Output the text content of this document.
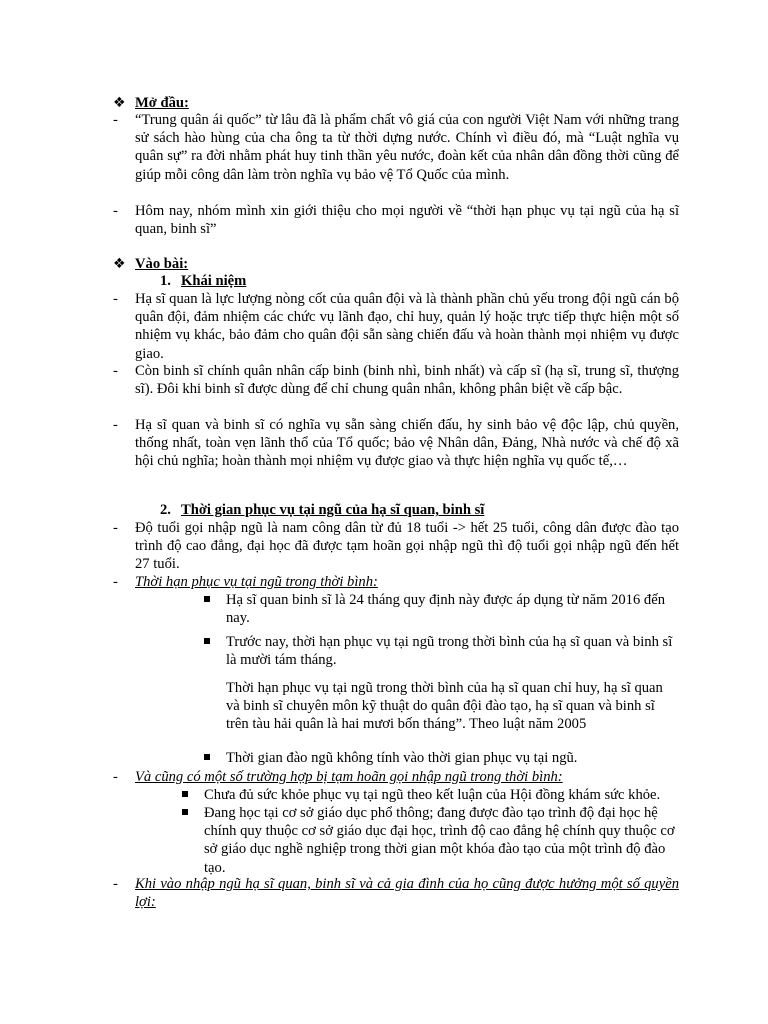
❖ Mở đầu:
- “Trung quân ái quốc” từ lâu đã là phẩm chất vô giá của con người Việt Nam với những trang sử sách hào hùng của cha ông ta từ thời dựng nước. Chính vì điều đó, mà “Luật nghĩa vụ quân sự” ra đời nhằm phát huy tinh thần yêu nước, đoàn kết của nhân dân đồng thời cũng để giúp mỗi công dân làm tròn nghĩa vụ bảo vệ Tổ Quốc của mình.
- Hôm nay, nhóm mình xin giới thiệu cho mọi người về “thời hạn phục vụ tại ngũ của hạ sĩ quan, binh sĩ”
❖ Vào bài:
1. Khái niệm
- Hạ sĩ quan là lực lượng nòng cốt của quân đội và là thành phần chủ yếu trong đội ngũ cán bộ quân đội, đảm nhiệm các chức vụ lãnh đạo, chỉ huy, quản lý hoặc trực tiếp thực hiện một số nhiệm vụ khác, bảo đảm cho quân đội sẵn sàng chiến đấu và hoàn thành mọi nhiệm vụ được giao.
- Còn binh sĩ chính quân nhân cấp binh (binh nhì, binh nhất) và cấp sĩ (hạ sĩ, trung sĩ, thượng sĩ). Đôi khi binh sĩ được dùng để chỉ chung quân nhân, không phân biệt về cấp bậc.
- Hạ sĩ quan và binh sĩ có nghĩa vụ sẵn sàng chiến đấu, hy sinh bảo vệ độc lập, chủ quyền, thống nhất, toàn vẹn lãnh thổ của Tổ quốc; bảo vệ Nhân dân, Đảng, Nhà nước và chế độ xã hội chủ nghĩa; hoàn thành mọi nhiệm vụ được giao và thực hiện nghĩa vụ quốc tế,…
2. Thời gian phục vụ tại ngũ của hạ sĩ quan, binh sĩ
- Độ tuổi gọi nhập ngũ là nam công dân từ đủ 18 tuổi -> hết 25 tuổi, công dân được đào tạo trình độ cao đẳng, đại học đã được tạm hoãn gọi nhập ngũ thì độ tuổi gọi nhập ngũ đến hết 27 tuổi.
- Thời hạn phục vụ tại ngũ trong thời bình:
Hạ sĩ quan binh sĩ là 24 tháng quy định này được áp dụng từ năm 2016 đến nay.
Trước nay, thời hạn phục vụ tại ngũ trong thời bình của hạ sĩ quan và binh sĩ là mười tám tháng.
Thời hạn phục vụ tại ngũ trong thời bình của hạ sĩ quan chỉ huy, hạ sĩ quan và binh sĩ chuyên môn kỹ thuật do quân đội đào tạo, hạ sĩ quan và binh sĩ trên tàu hải quân là hai mươi bốn tháng”. Theo luật năm 2005
Thời gian đào ngũ không tính vào thời gian phục vụ tại ngũ.
- Và cũng có một số trường hợp bị tạm hoãn gọi nhập ngũ trong thời bình:
Chưa đủ sức khỏe phục vụ tại ngũ theo kết luận của Hội đồng khám sức khỏe.
Đang học tại cơ sở giáo dục phổ thông; đang được đào tạo trình độ đại học hệ chính quy thuộc cơ sở giáo dục đại học, trình độ cao đẳng hệ chính quy thuộc cơ sở giáo dục nghề nghiệp trong thời gian một khóa đào tạo của một trình độ đào tạo.
- Khi vào nhập ngũ hạ sĩ quan, binh sĩ và cả gia đình của họ cũng được hưởng một số quyền lợi:
